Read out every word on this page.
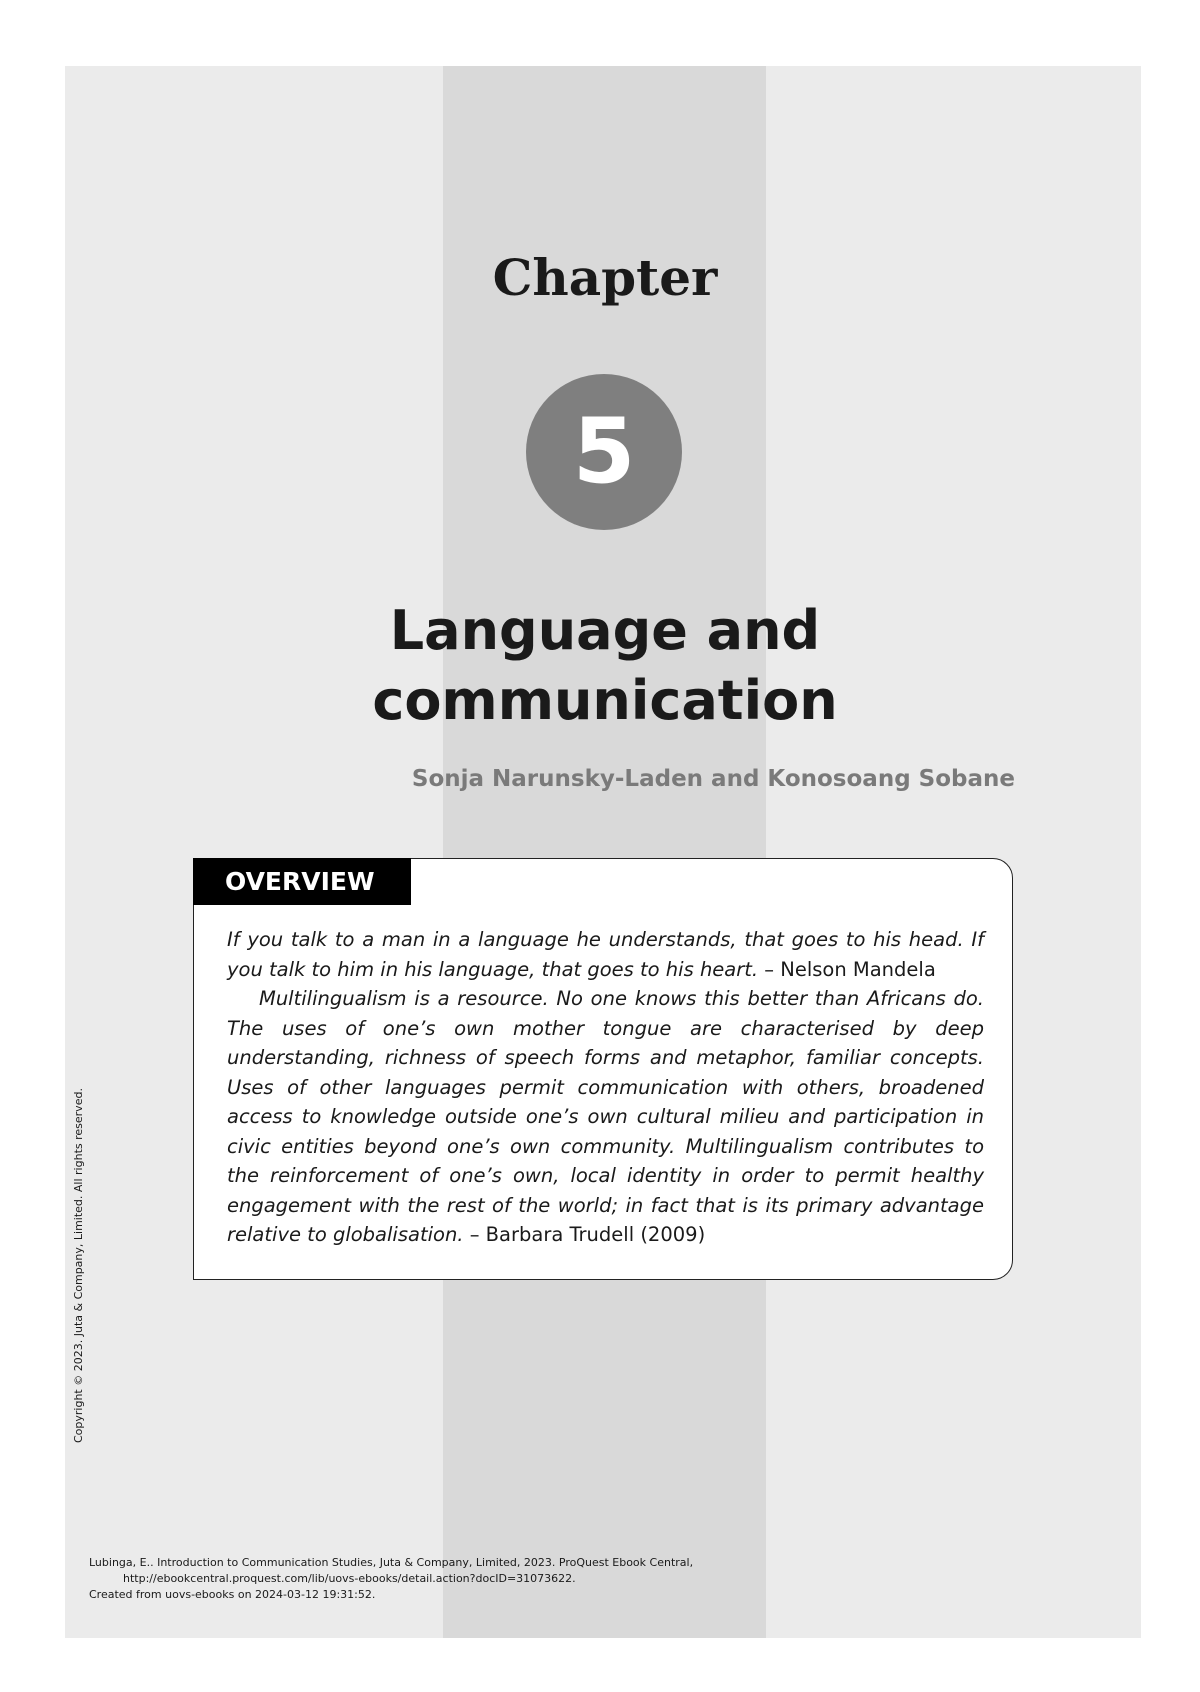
Chapter
5
Language and
communication
Sonja Narunsky-Laden and Konosoang Sobane
OVERVIEW

If you talk to a man in a language he understands, that goes to his head. If you talk to him in his language, that goes to his heart. – Nelson Mandela

Multilingualism is a resource. No one knows this better than Africans do. The uses of one’s own mother tongue are characterised by deep understanding, richness of speech forms and metaphor, familiar concepts. Uses of other languages permit communication with others, broadened access to knowledge outside one’s own cultural milieu and participation in civic entities beyond one’s own community. Multilingualism contributes to the reinforcement of one’s own, local identity in order to permit healthy engagement with the rest of the world; in fact that is its primary advantage relative to globalisation. – Barbara Trudell (2009)

Copyright © 2023. Juta & Company, Limited. All rights reserved.
Lubinga, E.. Introduction to Communication Studies, Juta & Company, Limited, 2023. ProQuest Ebook Central,
http://ebookcentral.proquest.com/lib/uovs-ebooks/detail.action?docID=31073622.
Created from uovs-ebooks on 2024-03-12 19:31:52.
